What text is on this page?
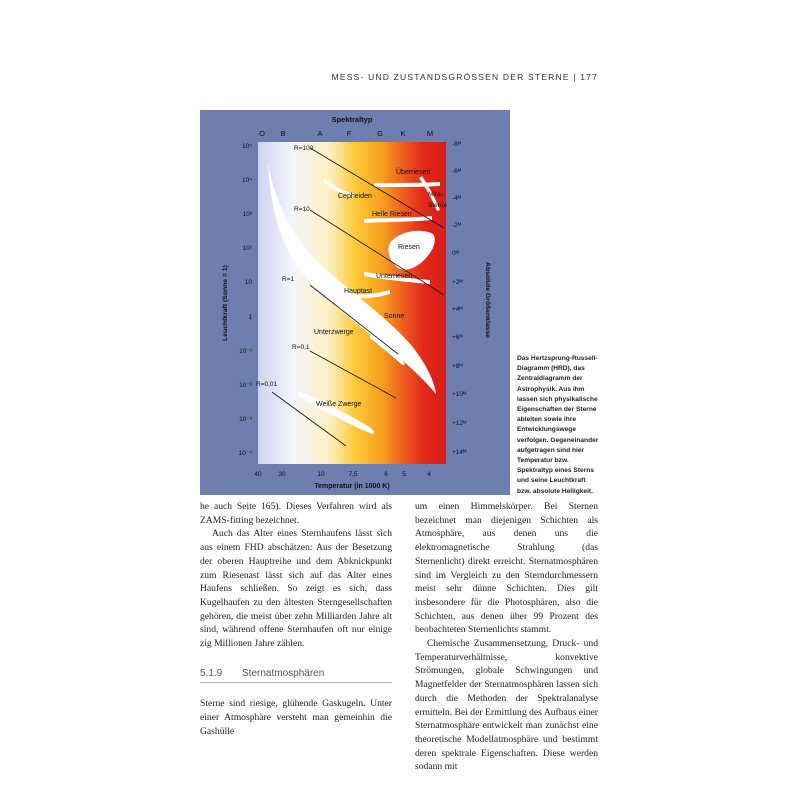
MESS- UND ZUSTANDSGRÖSSEN DER STERNE | 177
Spektraltyp
O B	A	F	G K	M
10⁵
10⁴
10³
10²
10
1
10⁻¹
10⁻²
10⁻³
10⁻⁴
Leuchtkraft (Sonne = 1)
-8ᴹ
-6ᴹ
-4ᴹ
-2ᴹ
0ᴹ
+2ᴹ
+4ᴹ
+6ᴹ
+8ᴹ
+10ᴹ
+12ᴹ
+14ᴹ
Absolute Größenklasse
40	30	10	7,5	6 5	4
Temperatur (in 1000 K)
R=100
R=10
R=1
R=0,1
R=0,01
Überriesen
Mira-
Sterne
Cepheiden
Helle Riesen
Riesen
Unterriesen
Hauptast
Sonne
Unterzwerge
Weiße Zwerge
Das Hertzsprung-Russell-Diagramm (HRD), das Zentraldiagramm der Astrophysik. Aus ihm lassen sich physikalische Eigenschaften der Sterne ableiten sowie ihre Entwicklungswege verfolgen. Gegeneinander aufgetragen sind hier Temperatur bzw. Spektraltyp eines Sterns und seine Leuchtkraft bzw. absolute Helligkeit.

he auch Seite 165). Dieses Verfahren wird als ZAMS-fitting bezeichnet.

Auch das Alter eines Sternhaufens lässt sich aus einem FHD abschätzen: Aus der Besetzung der oberen Hauptreihe und dem Abknickpunkt zum Riesenast lässt sich auf das Alter eines Haufens schließen. So zeigt es sich, dass Kugelhaufen zu den ältesten Sterngesellschaften gehören, die meist über zehn Milliarden Jahre alt sind, während offene Sternhaufen oft nur einige zig Millionen Jahre zählen.

5.1.9 Sternatmosphären

Sterne sind riesige, glühende Gaskugeln. Unter einer Atmosphäre versteht man gemeinhin die Gashülle

um einen Himmelskörper. Bei Sternen bezeichnet man diejenigen Schichten als Atmosphäre, aus denen uns die elektromagnetische Strahlung (das Sternenlicht) direkt erreicht. Sternatmosphären sind im Vergleich zu den Sterndurchmessern meist sehr dünne Schichten. Dies gilt insbesondere für die Photosphären, also die Schichten, aus denen über 99 Prozent des beobachteten Sternenlichts stammt.

Chemische Zusammensetzung, Druck- und Temperaturverhältnisse, konvektive Strömungen, globale Schwingungen und Magnetfelder der Sternatmosphären lassen sich durch die Methoden der Spektralanalyse ermitteln. Bei der Ermittlung des Aufbaus einer Sternatmosphäre entwickelt man zunächst eine theoretische Modellatmosphäre und bestimmt deren spektrale Eigenschaften. Diese werden sodann mit
